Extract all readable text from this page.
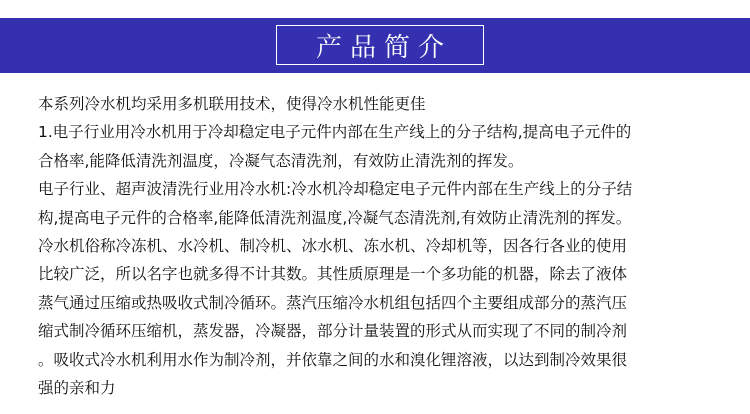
产品简介
本系列冷水机均采用多机联用技术，使得冷水机性能更佳
1.电子行业用冷水机用于冷却稳定电子元件内部在生产线上的分子结构,提高电子元件的
合格率,能降低清洗剂温度，冷凝气态清洗剂，有效防止清洗剂的挥发。
电子行业、超声波清洗行业用冷水机:冷水机冷却稳定电子元件内部在生产线上的分子结
构,提高电子元件的合格率,能降低清洗剂温度,冷凝气态清洗剂,有效防止清洗剂的挥发。
冷水机俗称冷冻机、水冷机、制冷机、冰水机、冻水机、冷却机等，因各行各业的使用
比较广泛，所以名字也就多得不计其数。其性质原理是一个多功能的机器，除去了液体
蒸气通过压缩或热吸收式制冷循环。蒸汽压缩冷水机组包括四个主要组成部分的蒸汽压
缩式制冷循环压缩机，蒸发器，冷凝器，部分计量装置的形式从而实现了不同的制冷剂
。吸收式冷水机利用水作为制冷剂，并依靠之间的水和溴化锂溶液，以达到制冷效果很
强的亲和力
